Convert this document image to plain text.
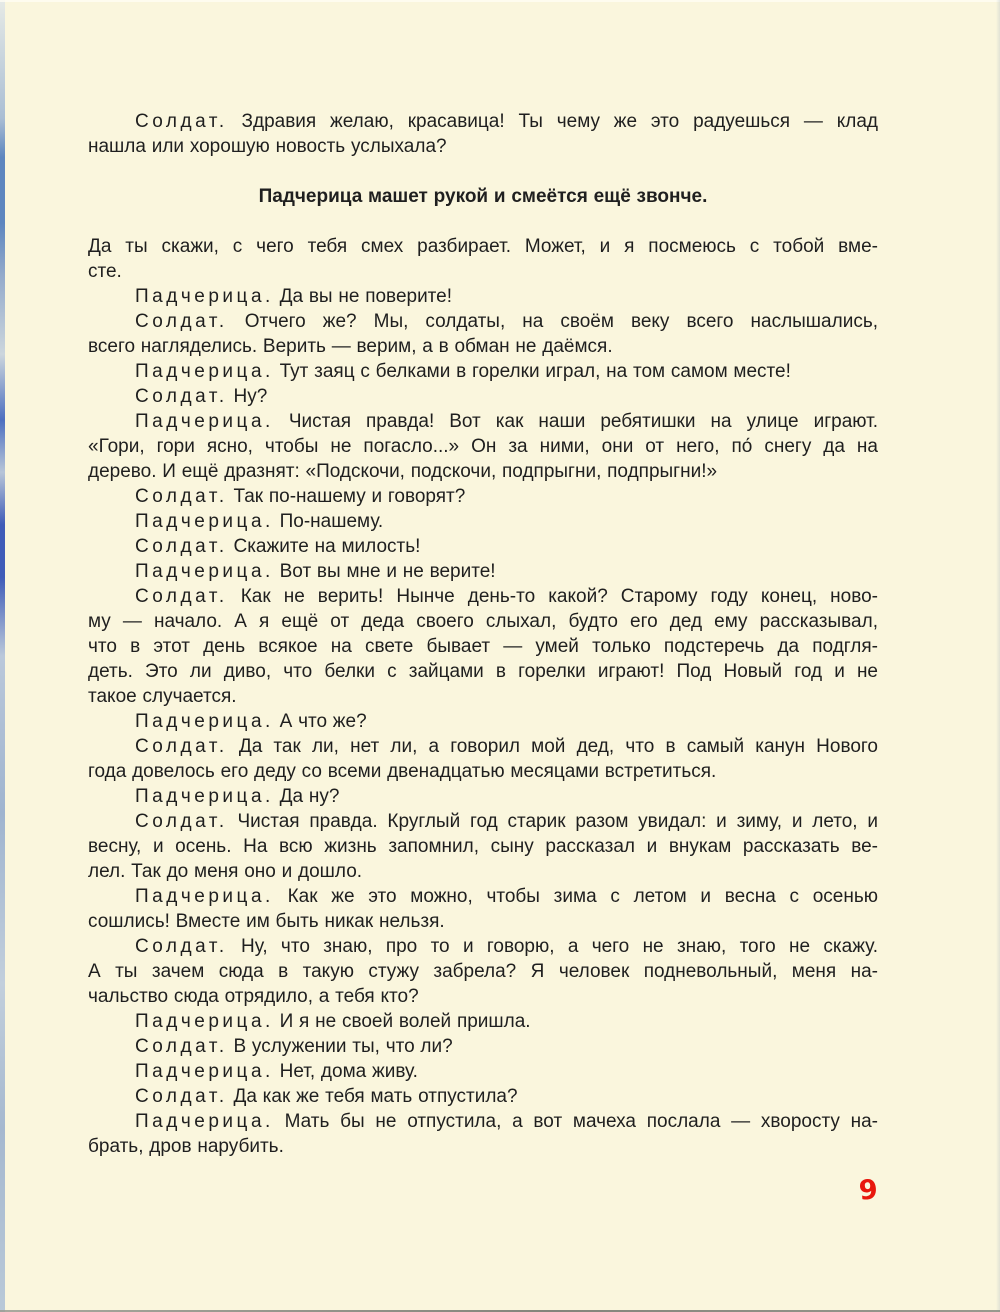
Солдат. Здравия желаю, красавица! Ты чему же это радуешься — клад
нашла или хорошую новость услыхала?
Падчерица машет рукой и смеётся ещё звонче.
Да ты скажи, с чего тебя смех разбирает. Может, и я посмеюсь с тобой вме-
сте.
Падчерица. Да вы не поверите!
Солдат. Отчего же? Мы, солдаты, на своём веку всего наслышались,
всего нагляделись. Верить — верим, а в обман не даёмся.
Падчерица. Тут заяц с белками в горелки играл, на том самом месте!
Солдат. Ну?
Падчерица. Чистая правда! Вот как наши ребятишки на улице играют.
«Гори, гори ясно, чтобы не погасло...» Он за ними, они от него, по́ снегу да на
дерево. И ещё дразнят: «Подскочи, подскочи, подпрыгни, подпрыгни!»
Солдат. Так по-нашему и говорят?
Падчерица. По-нашему.
Солдат. Скажите на милость!
Падчерица. Вот вы мне и не верите!
Солдат. Как не верить! Нынче день-то какой? Старому году конец, ново-
му — начало. А я ещё от деда своего слыхал, будто его дед ему рассказывал,
что в этот день всякое на свете бывает — умей только подстеречь да подгля-
деть. Это ли диво, что белки с зайцами в горелки играют! Под Новый год и не
такое случается.
Падчерица. А что же?
Солдат. Да так ли, нет ли, а говорил мой дед, что в самый канун Нового
года довелось его деду со всеми двенадцатью месяцами встретиться.
Падчерица. Да ну?
Солдат. Чистая правда. Круглый год старик разом увидал: и зиму, и лето, и
весну, и осень. На всю жизнь запомнил, сыну рассказал и внукам рассказать ве-
лел. Так до меня оно и дошло.
Падчерица. Как же это можно, чтобы зима с летом и весна с осенью
сошлись! Вместе им быть никак нельзя.
Солдат. Ну, что знаю, про то и говорю, а чего не знаю, того не скажу.
А ты зачем сюда в такую стужу забрела? Я человек подневольный, меня на-
чальство сюда отрядило, а тебя кто?
Падчерица. И я не своей волей пришла.
Солдат. В услужении ты, что ли?
Падчерица. Нет, дома живу.
Солдат. Да как же тебя мать отпустила?
Падчерица. Мать бы не отпустила, а вот мачеха послала — хворосту на-
брать, дров нарубить.
9
